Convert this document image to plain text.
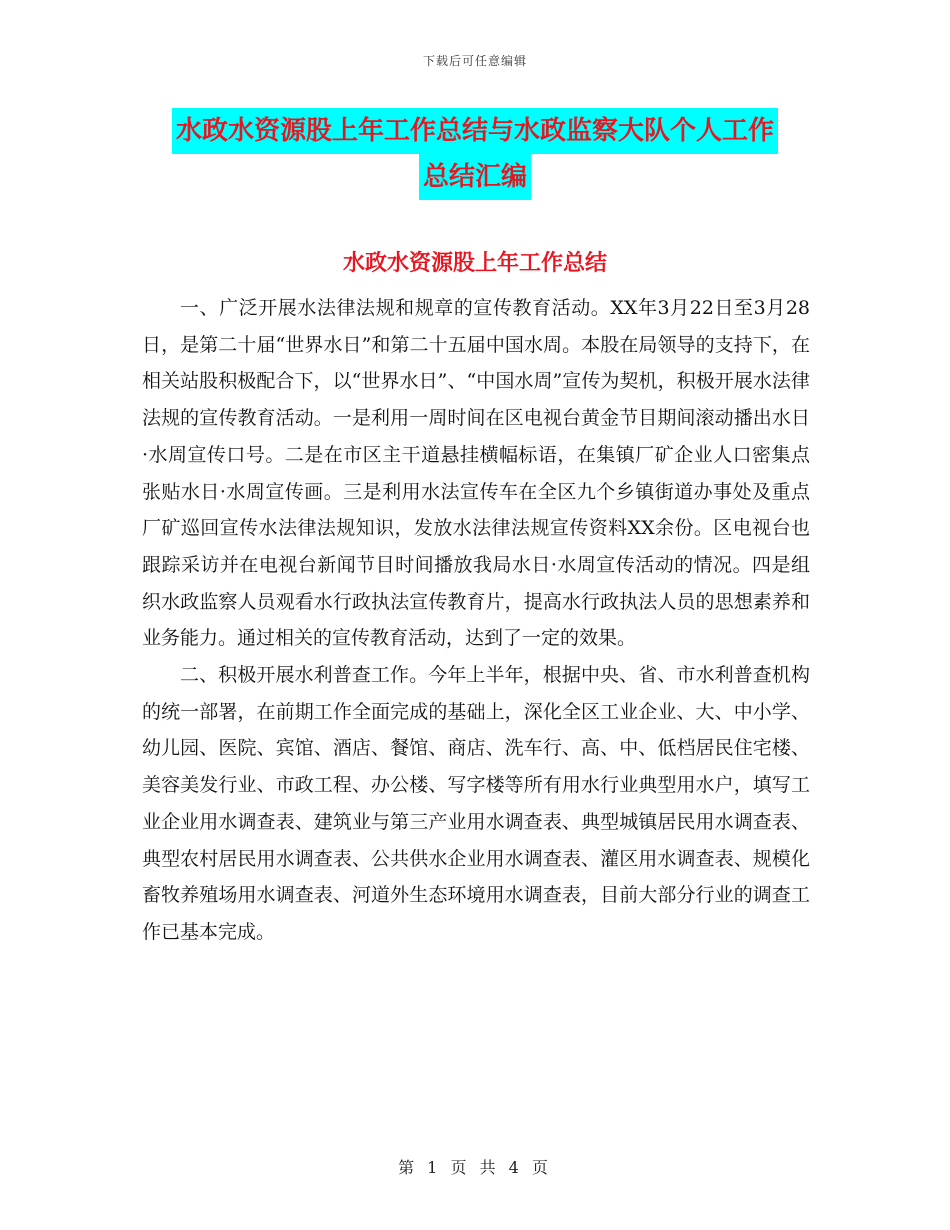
下载后可任意编辑
水政水资源股上年工作总结与水政监察大队个人工作
总结汇编
水政水资源股上年工作总结

一、广泛开展水法律法规和规章的宣传教育活动。XX年3月22日至3月28日，是第二十届“世界水日”和第二十五届中国水周。本股在局领导的支持下，在相关站股积极配合下，以“世界水日”、“中国水周”宣传为契机，积极开展水法律法规的宣传教育活动。一是利用一周时间在区电视台黄金节目期间滚动播出水日·水周宣传口号。二是在市区主干道悬挂横幅标语，在集镇厂矿企业人口密集点张贴水日·水周宣传画。三是利用水法宣传车在全区九个乡镇街道办事处及重点厂矿巡回宣传水法律法规知识，发放水法律法规宣传资料XX余份。区电视台也跟踪采访并在电视台新闻节目时间播放我局水日·水周宣传活动的情况。四是组织水政监察人员观看水行政执法宣传教育片，提高水行政执法人员的思想素养和业务能力。通过相关的宣传教育活动，达到了一定的效果。

二、积极开展水利普查工作。今年上半年，根据中央、省、市水利普查机构的统一部署，在前期工作全面完成的基础上，深化全区工业企业、大、中小学、幼儿园、医院、宾馆、酒店、餐馆、商店、洗车行、高、中、低档居民住宅楼、美容美发行业、市政工程、办公楼、写字楼等所有用水行业典型用水户，填写工业企业用水调查表、建筑业与第三产业用水调查表、典型城镇居民用水调查表、典型农村居民用水调查表、公共供水企业用水调查表、灌区用水调查表、规模化畜牧养殖场用水调查表、河道外生态环境用水调查表，目前大部分行业的调查工作已基本完成。

第 1 页 共 4 页
